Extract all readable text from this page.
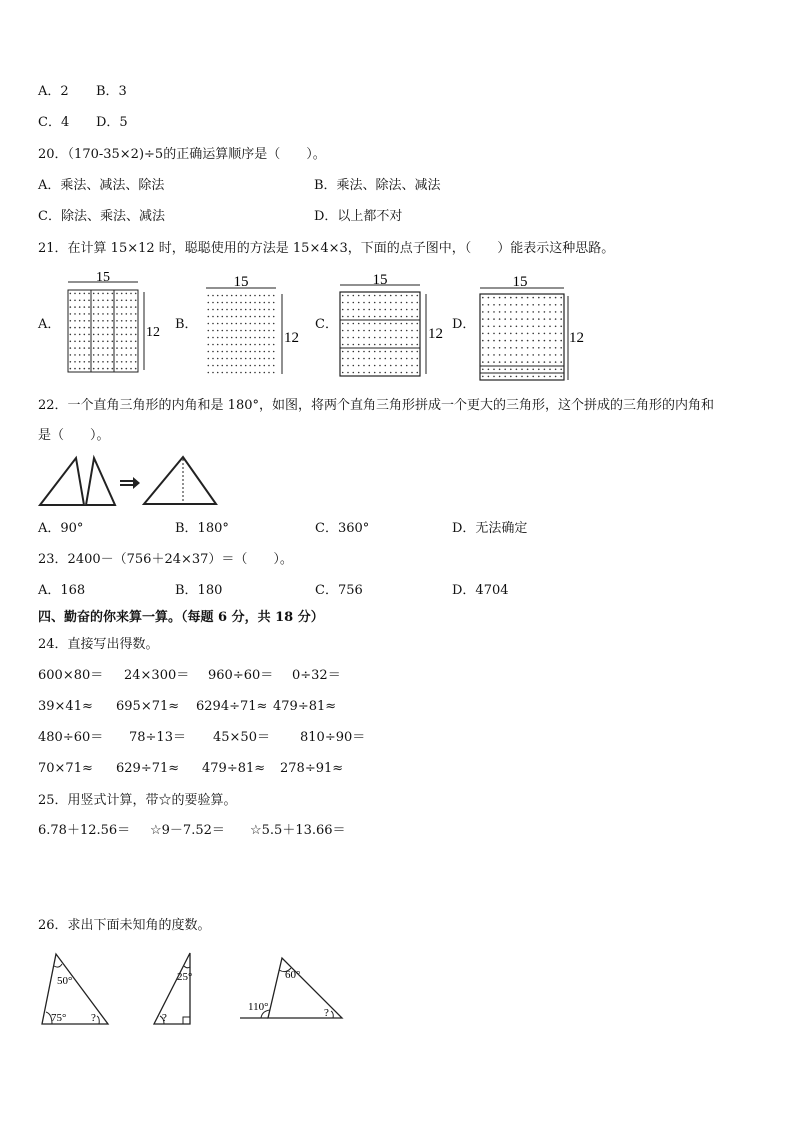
A．2 B．3
C．4 D．5
20．（170-35×2)÷5的正确运算顺序是（　　）。
A．乘法、减法、除法	B．乘法、除法、减法
C．除法、乘法、减法	D．以上都不对
21．在计算 15×12 时，聪聪使用的方法是 15×4×3，下面的点子图中，（　　）能表示这种思路。
A．	B．	C．	D．
15
12
15
12
15
12
15
12
22．一个直角三角形的内角和是 180°，如图，将两个直角三角形拼成一个更大的三角形，这个拼成的三角形的内角和
是（　　）。
A．90°	B．180°	C．360°	D．无法确定
23．2400－（756＋24×37）＝（　　）。
A．168	B．180	C．756	D．4704
四、勤奋的你来算一算。（每题 6 分，共 18 分）
24．直接写出得数。
600×80＝ 24×300＝ 960÷60＝ 0÷32＝
39×41≈ 695×71≈ 6294÷71≈ 479÷81≈
480÷60＝ 78÷13＝ 45×50＝ 810÷90＝
70×71≈ 629÷71≈ 479÷81≈ 278÷91≈
25．用竖式计算，带☆的要验算。
6.78＋12.56＝ ☆9－7.52＝ ☆5.5＋13.66＝
26．求出下面未知角的度数。
50°
75° ?
25°
?
60°
110°	?
